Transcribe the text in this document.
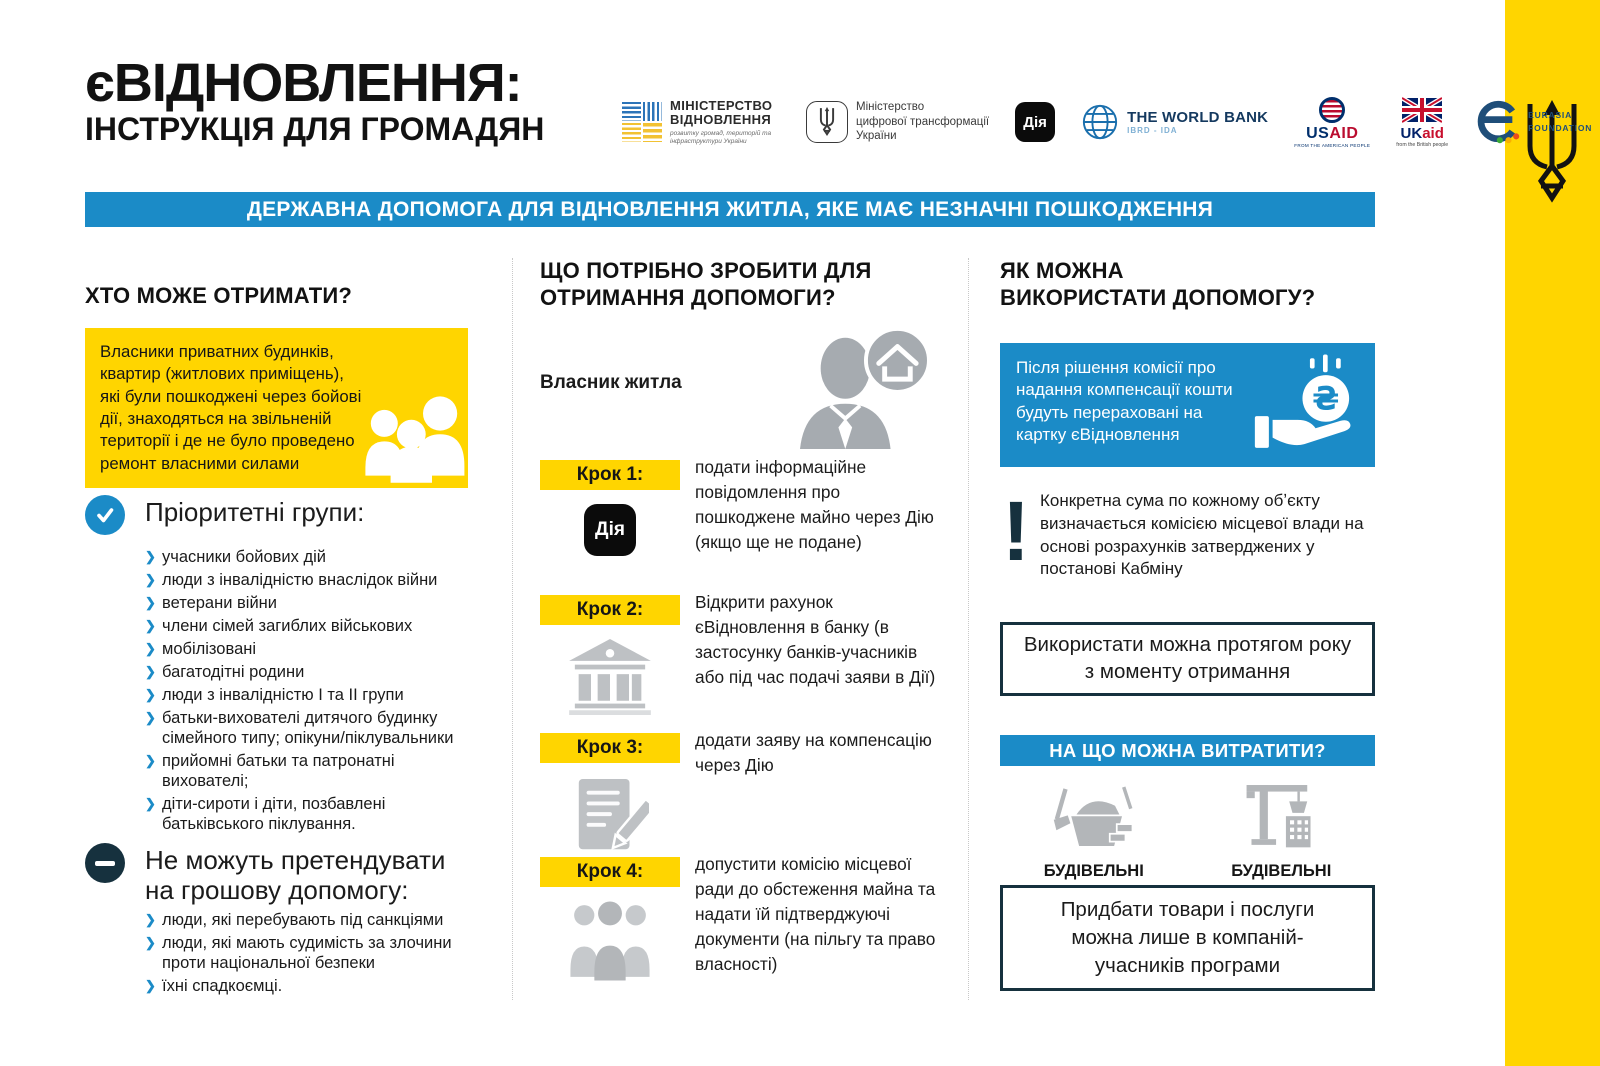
єВІДНОВЛЕННЯ:
ІНСТРУКЦІЯ ДЛЯ ГРОМАДЯН
МІНІСТЕРСТВО
ВІДНОВЛЕННЯ
розвитку громад, територій та інфраструктури України
Міністерство
цифрової трансформації
України
Дія	THE WORLD BANK
IBRD - IDA	USAID
FROM THE AMERICAN PEOPLE
UKaid
from the British people
EURASIA
FOUNDATION
ДЕРЖАВНА ДОПОМОГА ДЛЯ ВІДНОВЛЕННЯ ЖИТЛА, ЯКЕ МАЄ НЕЗНАЧНІ ПОШКОДЖЕННЯ
ХТО МОЖЕ ОТРИМАТИ?

Власники приватних будинків, квартир (житлових приміщень), які були пошкоджені через бойові дії, знаходяться на звільненій території і де не було проведено ремонт власними силами

Пріоритетні групи:
❯ учасники бойових дій
❯ люди з інвалідністю внаслідок війни
❯ ветерани війни
❯ члени сімей загиблих військових
❯ мобілізовані
❯ багатодітні родини
❯ люди з інвалідністю І та ІІ групи
❯ батьки-вихователі дитячого будинку сімейного типу; опікуни/піклувальники
❯ прийомні батьки та патронатні вихователі;
❯ діти-сироти і діти, позбавлені батьківського піклування.
Не можуть претендувати на грошову допомогу:
❯ люди, які перебувають під санкціями
❯ люди, які мають судимість за злочини проти національної безпеки
❯ їхні спадкоємці.
ЩО ПОТРІБНО ЗРОБИТИ ДЛЯ
ОТРИМАННЯ ДОПОМОГИ?
Власник житла
Крок 1:
Дія
подати інформаційне повідомлення про пошкоджене майно через Дію (якщо ще не подане)
Крок 2:	Відкрити рахунок єВідновлення в банку (в застосунку банків-учасників або під час подачі заяви в Дії)
Крок 3:	додати заяву на компенсацію через Дію
Крок 4:	допустити комісію місцевої ради до обстеження майна та надати їй підтверджуючі документи (на пільгу та право власності)
ЯК МОЖНА
ВИКОРИСТАТИ ДОПОМОГУ?

Після рішення комісії про надання компенсації кошти будуть перераховані на картку єВідновлення

₴
! Конкретна сума по кожному обʼєкту визначається комісією місцевої влади на основі розрахунків затверджених у постанові Кабміну

Використати можна протягом року з моменту отримання
НА ЩО МОЖНА ВИТРАТИТИ?
БУДІВЕЛЬНІ	БУДІВЕЛЬНІ
Придбати товари і послуги можна лише в компаній-учасників програми
